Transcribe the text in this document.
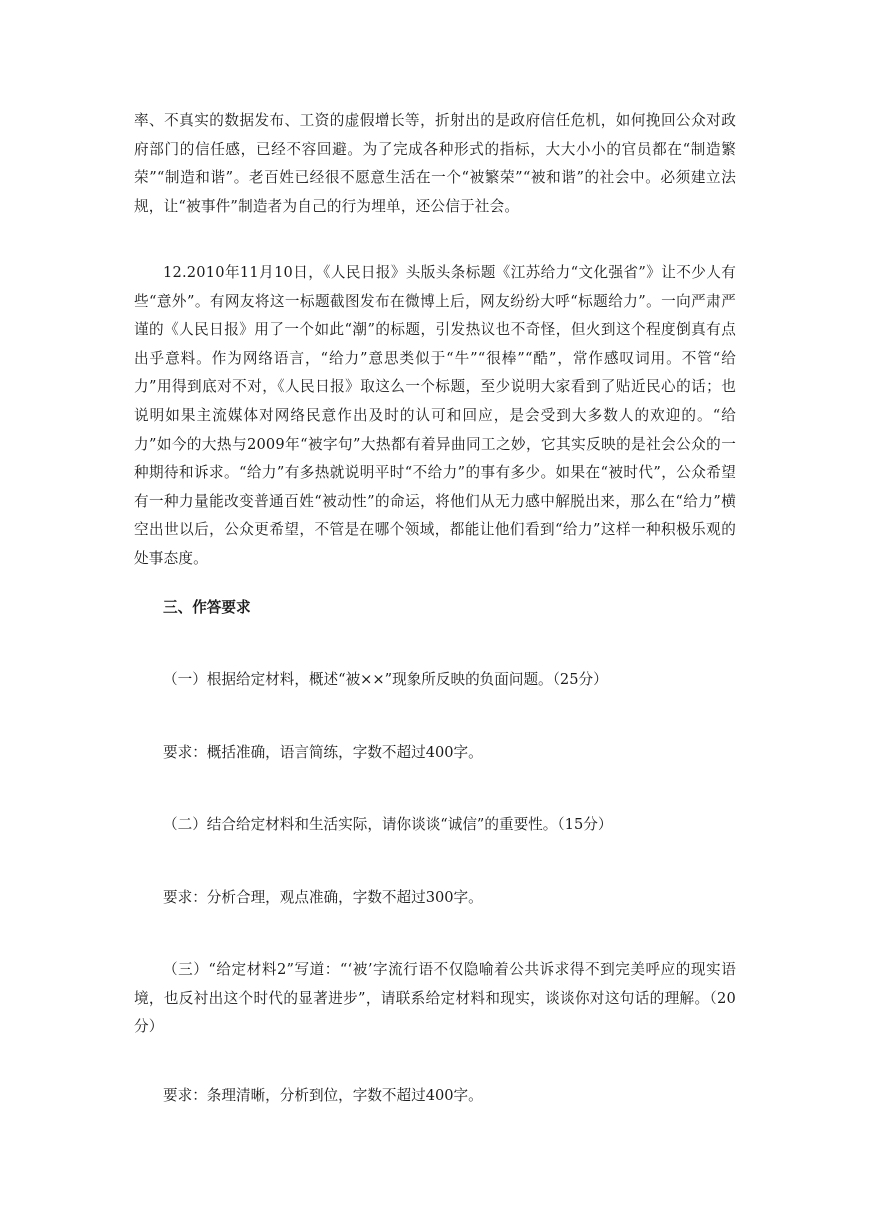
率、不真实的数据发布、工资的虚假增长等，折射出的是政府信任危机，如何挽回公众对政府部门的信任感，已经不容回避。为了完成各种形式的指标，大大小小的官员都在“制造繁荣”“制造和谐”。老百姓已经很不愿意生活在一个“被繁荣”“被和谐”的社会中。必须建立法规，让“被事件”制造者为自己的行为埋单，还公信于社会。

12.2010年11月10日，《人民日报》头版头条标题《江苏给力“文化强省”》让不少人有些“意外”。有网友将这一标题截图发布在微博上后，网友纷纷大呼“标题给力”。一向严肃严谨的《人民日报》用了一个如此“潮”的标题，引发热议也不奇怪，但火到这个程度倒真有点出乎意料。作为网络语言，“给力”意思类似于“牛”“很棒”“酷”，常作感叹词用。不管“给力”用得到底对不对，《人民日报》取这么一个标题，至少说明大家看到了贴近民心的话；也说明如果主流媒体对网络民意作出及时的认可和回应，是会受到大多数人的欢迎的。“给力”如今的大热与2009年“被字句”大热都有着异曲同工之妙，它其实反映的是社会公众的一种期待和诉求。“给力”有多热就说明平时“不给力”的事有多少。如果在“被时代”，公众希望有一种力量能改变普通百姓“被动性”的命运，将他们从无力感中解脱出来，那么在“给力”横空出世以后，公众更希望，不管是在哪个领域，都能让他们看到“给力”这样一种积极乐观的处事态度。

三、作答要求

（一）根据给定材料，概述“被××”现象所反映的负面问题。（25分）

要求：概括准确，语言简练，字数不超过400字。

（二）结合给定材料和生活实际，请你谈谈“诚信”的重要性。（15分）

要求：分析合理，观点准确，字数不超过300字。

（三）“给定材料2”写道：“‘被’字流行语不仅隐喻着公共诉求得不到完美呼应的现实语境，也反衬出这个时代的显著进步”，请联系给定材料和现实，谈谈你对这句话的理解。（20分）

要求：条理清晰，分析到位，字数不超过400字。
